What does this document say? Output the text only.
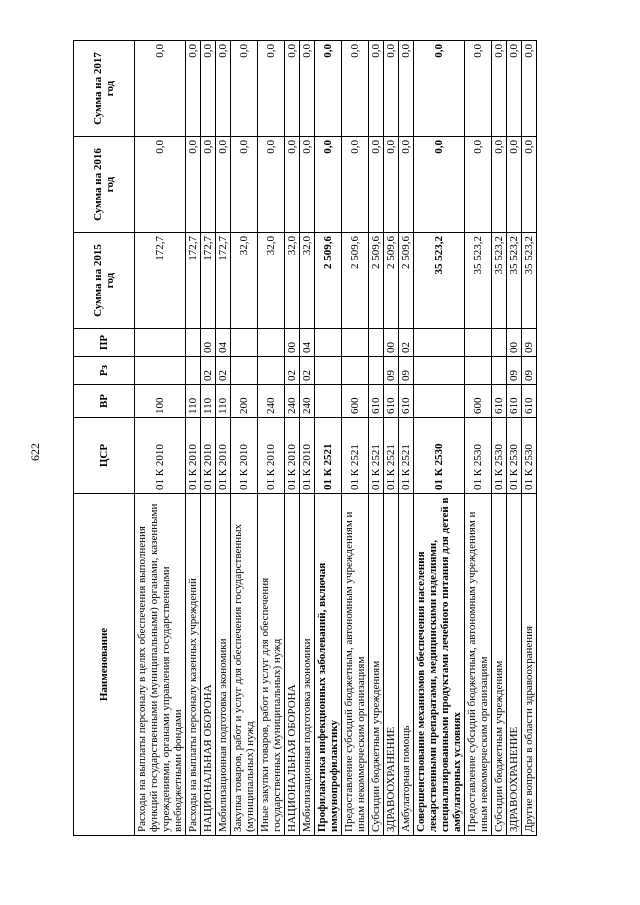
622
Наименование	ЦСР	ВР	Рз	ПР	Сумма на 2015 год	Сумма на 2016 год	Сумма на 2017 год
Расходы на выплаты персоналу в целях обеспечения выполнения функций государственными (муниципальными) органами, казенными учреждениями, органами управления государственными внебюджетными фондами	01 К 2010	100			172,7	0,0	0,0
Расходы на выплаты персоналу казенных учреждений	01 К 2010	110			172,7	0,0	0,0
НАЦИОНАЛЬНАЯ ОБОРОНА	01 К 2010	110	02	00	172,7	0,0	0,0
Мобилизационная подготовка экономики	01 К 2010	110	02	04	172,7	0,0	0,0
Закупка товаров, работ и услуг для обеспечения государственных (муниципальных) нужд	01 К 2010	200			32,0	0,0	0,0
Иные закупки товаров, работ и услуг для обеспечения государственных (муниципальных) нужд	01 К 2010	240			32,0	0,0	0,0
НАЦИОНАЛЬНАЯ ОБОРОНА	01 К 2010	240	02	00	32,0	0,0	0,0
Мобилизационная подготовка экономики	01 К 2010	240	02	04	32,0	0,0	0,0
Профилактика инфекционных заболеваний, включая иммунопрофилактику	01 К 2521				2 509,6	0,0	0,0
Предоставление субсидий бюджетным, автономным учреждениям и иным некоммерческим организациям	01 К 2521	600			2 509,6	0,0	0,0
Субсидии бюджетным учреждениям	01 К 2521	610			2 509,6	0,0	0,0
ЗДРАВООХРАНЕНИЕ	01 К 2521	610	09	00	2 509,6	0,0	0,0
Амбулаторная помощь	01 К 2521	610	09	02	2 509,6	0,0	0,0
Совершенствование механизмов обеспечения населения лекарственными препаратами, медицинскими изделиями, специализированными продуктами лечебного питания для детей в амбулаторных условиях	01 К 2530				35 523,2	0,0	0,0
Предоставление субсидий бюджетным, автономным учреждениям и иным некоммерческим организациям	01 К 2530	600			35 523,2	0,0	0,0
Субсидии бюджетным учреждениям	01 К 2530	610			35 523,2	0,0	0,0
ЗДРАВООХРАНЕНИЕ	01 К 2530	610	09	00	35 523,2	0,0	0,0
Другие вопросы в области здравоохранения	01 К 2530	610	09	09	35 523,2	0,0	0,0
